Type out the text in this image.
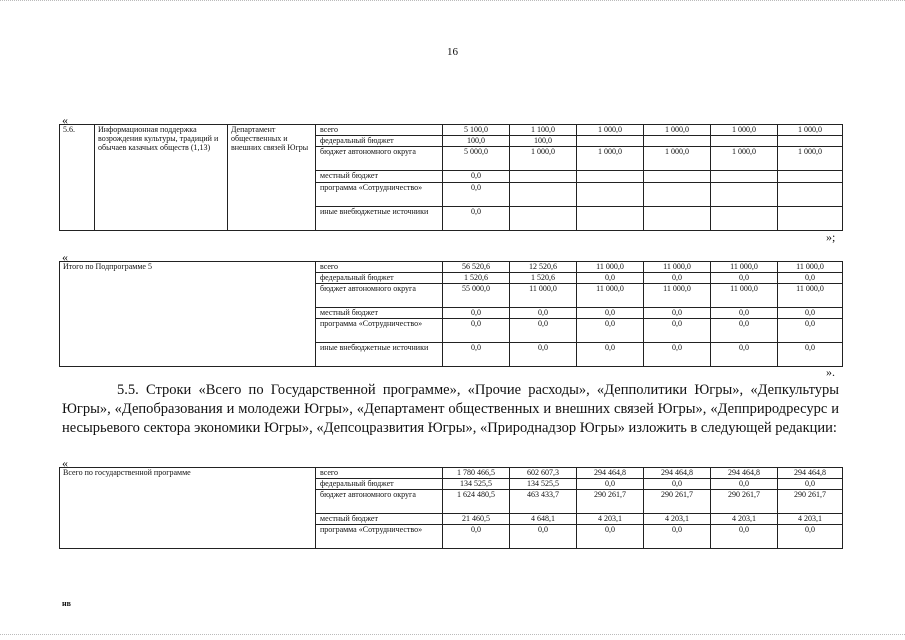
16
«
5.6.	Информационная поддержка возрождения культуры, традиций и обычаев казачьих обществ (1,13)	Департамент общественных и внешних связей Югры	всего	5 100,0	1 100,0	1 000,0	1 000,0	1 000,0	1 000,0
			федеральный бюджет	100,0	100,0				
			бюджет автономного округа	5 000,0	1 000,0	1 000,0	1 000,0	1 000,0	1 000,0
			местный бюджет	0,0					
			программа «Сотрудничество»	0,0					
			иные внебюджетные источники	0,0					
»;
«
Итого по Подпрограмме 5	всего	56 520,6	12 520,6	11 000,0	11 000,0	11 000,0	11 000,0
	федеральный бюджет	1 520,6	1 520,6	0,0	0,0	0,0	0,0
	бюджет автономного округа	55 000,0	11 000,0	11 000,0	11 000,0	11 000,0	11 000,0
	местный бюджет	0,0	0,0	0,0	0,0	0,0	0,0
	программа «Сотрудничество»	0,0	0,0	0,0	0,0	0,0	0,0
	иные внебюджетные источники	0,0	0,0	0,0	0,0	0,0	0,0
».
5.5. Строки «Всего по Государственной программе», «Прочие расходы», «Депполитики Югры», «Депкультуры Югры», «Депобразования и молодежи Югры», «Департамент общественных и внешних связей Югры», «Депприродресурс и несырьевого сектора экономики Югры», «Депсоцразвития Югры», «Природнадзор Югры» изложить в следующей редакции:
«
Всего по государственной программе	всего	1 780 466,5	602 607,3	294 464,8	294 464,8	294 464,8	294 464,8
	федеральный бюджет	134 525,5	134 525,5	0,0	0,0	0,0	0,0
	бюджет автономного округа	1 624 480,5	463 433,7	290 261,7	290 261,7	290 261,7	290 261,7
	местный бюджет	21 460,5	4 648,1	4 203,1	4 203,1	4 203,1	4 203,1
	программа «Сотрудничество»	0,0	0,0	0,0	0,0	0,0	0,0
нв
